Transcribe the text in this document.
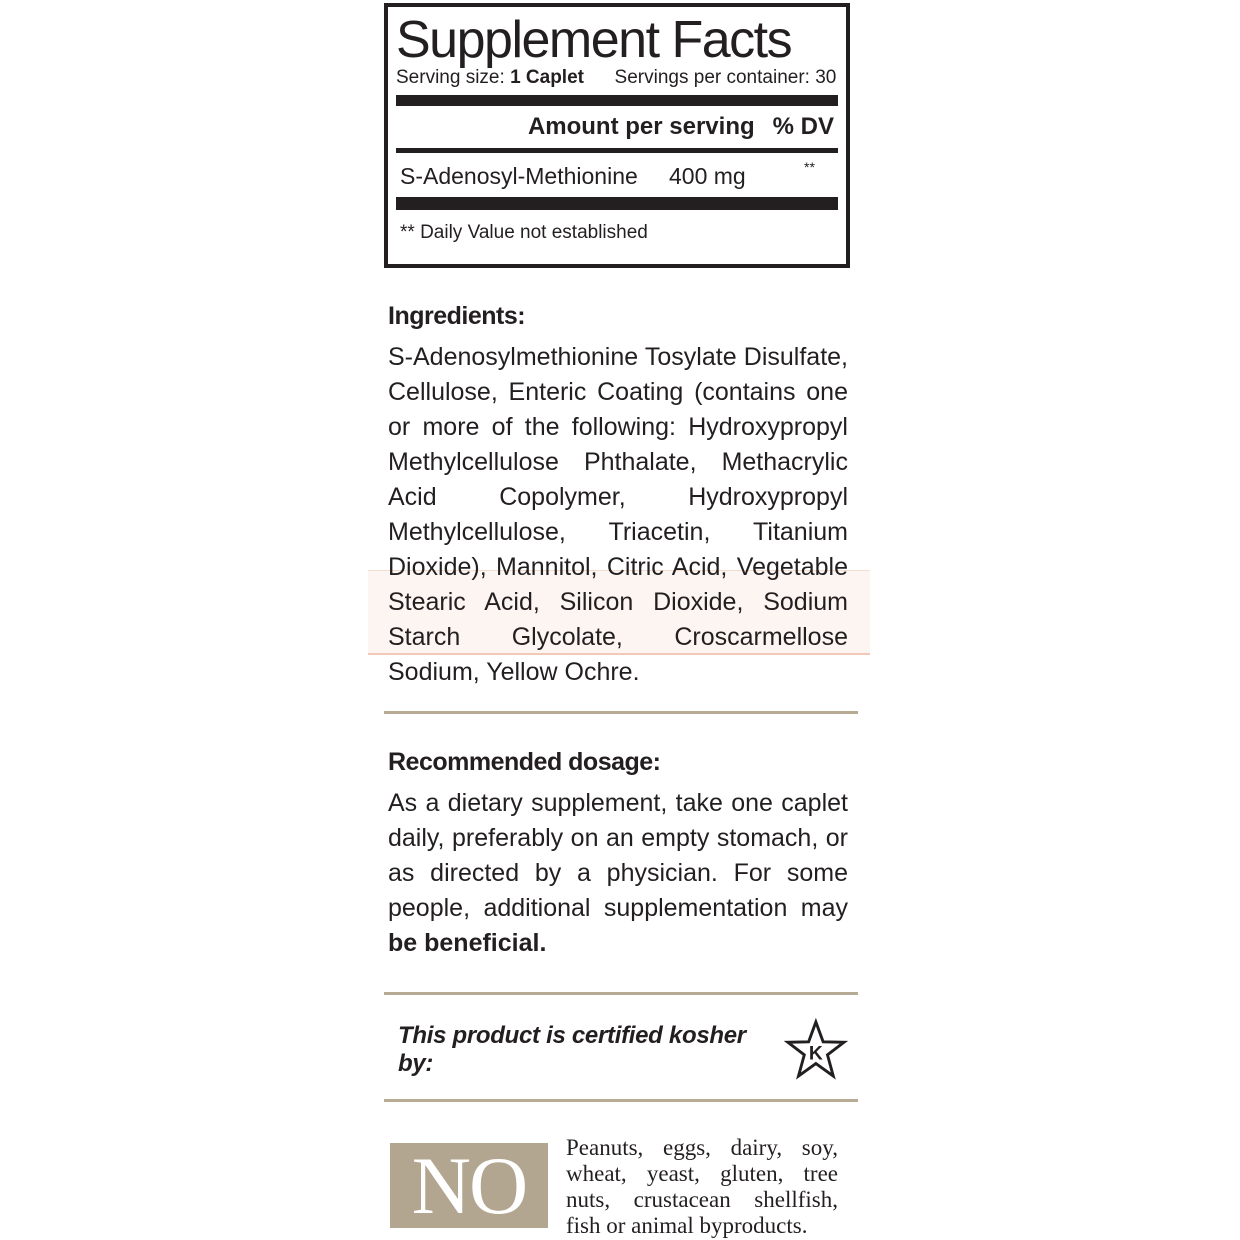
Supplement Facts
Serving size: 1 Caplet Servings per container: 30
Amount per serving % DV
S-Adenosyl-Methionine 400 mg	**
** Daily Value not established
Ingredients:
S-Adenosylmethionine Tosylate Disulfate, Cellulose, Enteric Coating (contains one or more of the following: Hydroxypropyl Methylcellulose Phthalate, Methacrylic Acid Copolymer, Hydroxypropyl Methylcellulose, Triacetin, Titanium Dioxide), Mannitol, Citric Acid, Vegetable Stearic Acid, Silicon Dioxide, Sodium Starch Glycolate, Croscarmellose Sodium, Yellow Ochre.
Recommended dosage:
As a dietary supplement, take one caplet daily, preferably on an empty stomach, or as directed by a physician. For some people, additional supplementation may be beneficial.
This product is certified kosher by:	K
NO	Peanuts, eggs, dairy, soy, wheat, yeast, gluten, tree nuts, crustacean shellfish, fish or animal byproducts.
